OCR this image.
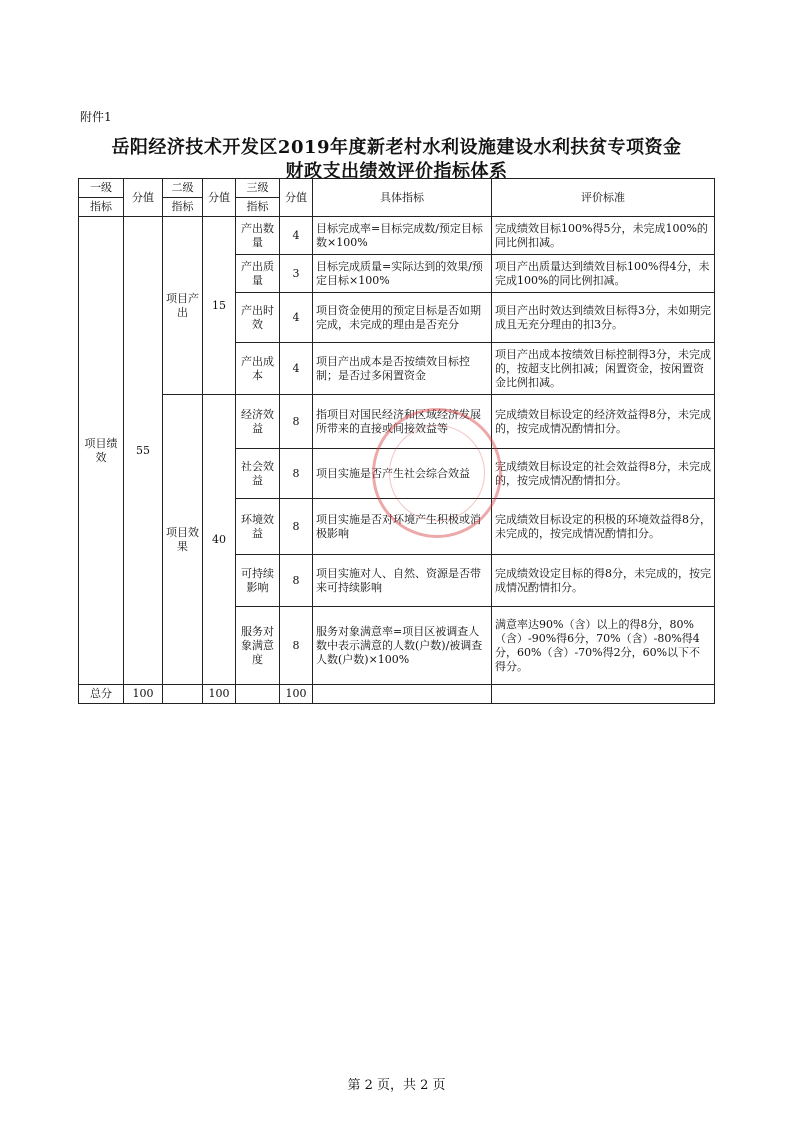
附件1
岳阳经济技术开发区2019年度新老村水利设施建设水利扶贫专项资金
财政支出绩效评价指标体系
一级	分值	二级	分值	三级	分值	具体指标	评价标准
指标		指标		指标			
项目绩效	55	项目产出	15	产出数量	4	目标完成率=目标完成数/预定目标数×100%	完成绩效目标100%得5分，未完成100%的同比例扣减。
				产出质量	3	目标完成质量=实际达到的效果/预定目标×100%	项目产出质量达到绩效目标100%得4分，未完成100%的同比例扣减。
				产出时效	4	项目资金使用的预定目标是否如期完成，未完成的理由是否充分	项目产出时效达到绩效目标得3分，未如期完成且无充分理由的扣3分。
				产出成本	4	项目产出成本是否按绩效目标控制；是否过多闲置资金	项目产出成本按绩效目标控制得3分，未完成的，按超支比例扣减；闲置资金，按闲置资金比例扣减。
		项目效果	40	经济效益	8	指项目对国民经济和区域经济发展所带来的直接或间接效益等	完成绩效目标设定的经济效益得8分，未完成的，按完成情况酌情扣分。
				社会效益	8	项目实施是否产生社会综合效益	完成绩效目标设定的社会效益得8分，未完成的，按完成情况酌情扣分。
				环境效益	8	项目实施是否对环境产生积极或消极影响	完成绩效目标设定的积极的环境效益得8分，未完成的，按完成情况酌情扣分。
				可持续影响	8	项目实施对人、自然、资源是否带来可持续影响	完成绩效设定目标的得8分，未完成的，按完成情况酌情扣分。
				服务对象满意度	8	服务对象满意率=项目区被调查人数中表示满意的人数(户数)/被调查人数(户数)×100%	满意率达90%（含）以上的得8分，80%（含）-90%得6分，70%（含）-80%得4分，60%（含）-70%得2分，60%以下不得分。
总分	100		100		100		
第 2 页，共 2 页
